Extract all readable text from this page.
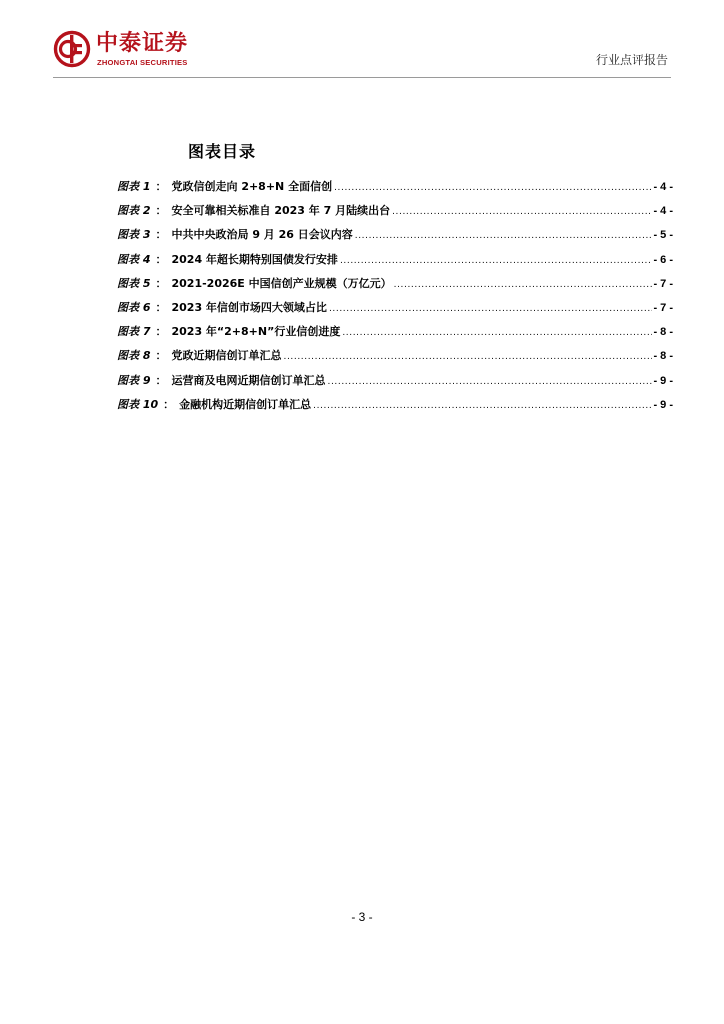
中泰证券
ZHONGTAI SECURITIES	行业点评报告
图表目录
图表 1 ： 党政信创走向 2+8+N 全面信创 .....	- 4 -
图表 2 ： 安全可靠相关标准自 2023 年 7 月陆续出台 .....	- 4 -
图表 3 ： 中共中央政治局 9 月 26 日会议内容 .....	- 5 -
图表 4 ： 2024 年超长期特别国债发行安排 .....	- 6 -
图表 5 ： 2021-2026E 中国信创产业规模（万亿元） .....	- 7 -
图表 6 ： 2023 年信创市场四大领域占比 .....	- 7 -
图表 7 ： 2023 年“2+8+N”行业信创进度 .....	- 8 -
图表 8 ： 党政近期信创订单汇总 .....	- 8 -
图表 9 ： 运营商及电网近期信创订单汇总 .....	- 9 -
图表 10 ： 金融机构近期信创订单汇总 .....	- 9 -
- 3 -
